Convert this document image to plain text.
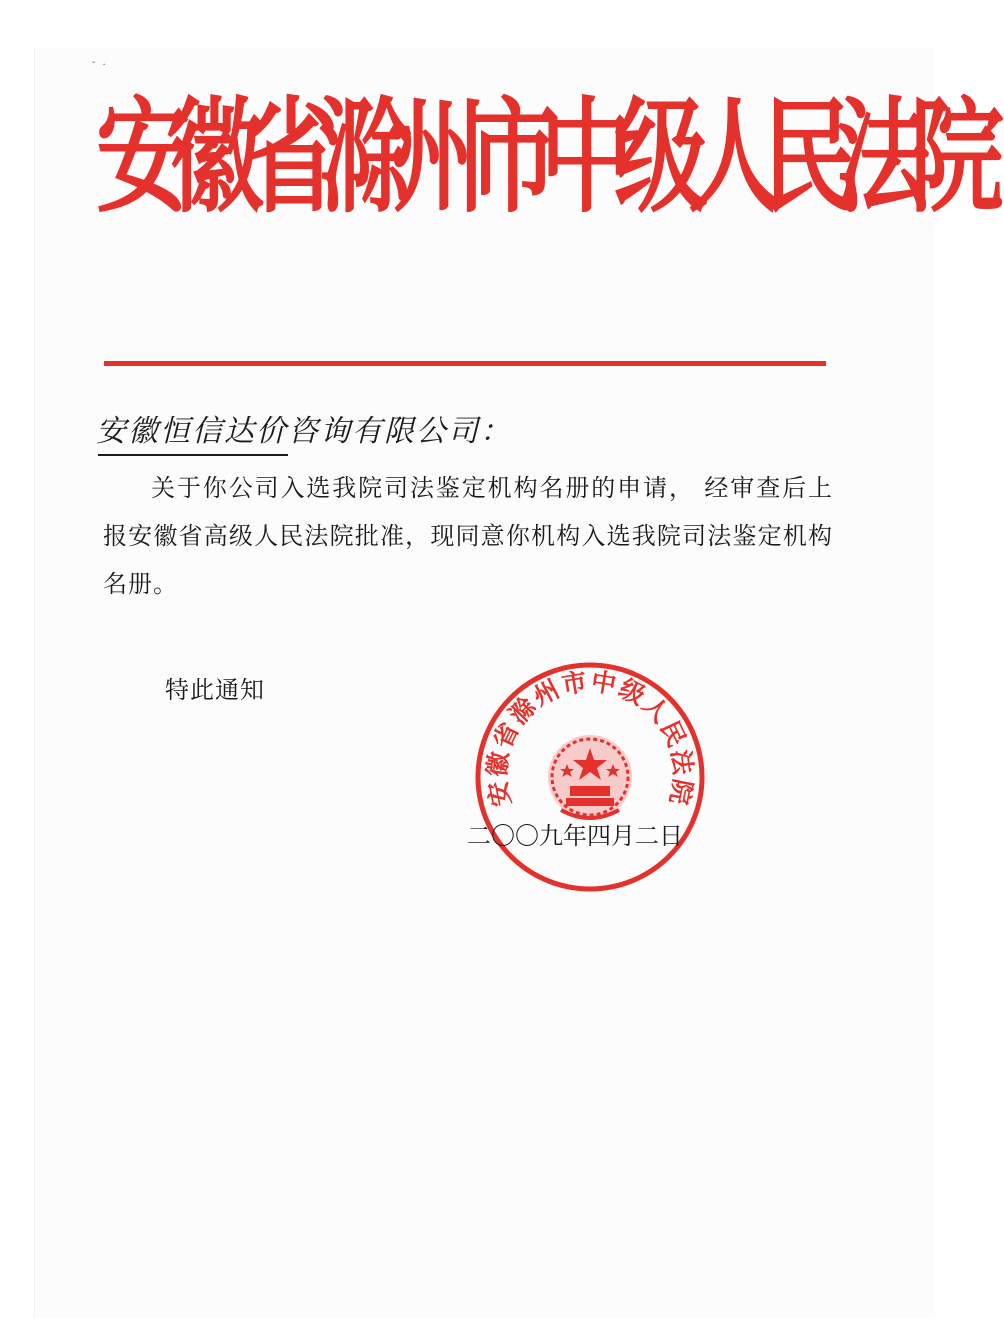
- .
安
徽
省
滁
州
市
中
级
人
民
法
院
安徽恒信达价咨询有限公司：
关于你公司入选我院司法鉴定机构名册的申请， 经审查后上报安徽省高级人民法院批准，现同意你机构入选我院司法鉴定机构名册。
特此通知
安徽省滁州市中级人民法院
二〇〇九年四月二日
